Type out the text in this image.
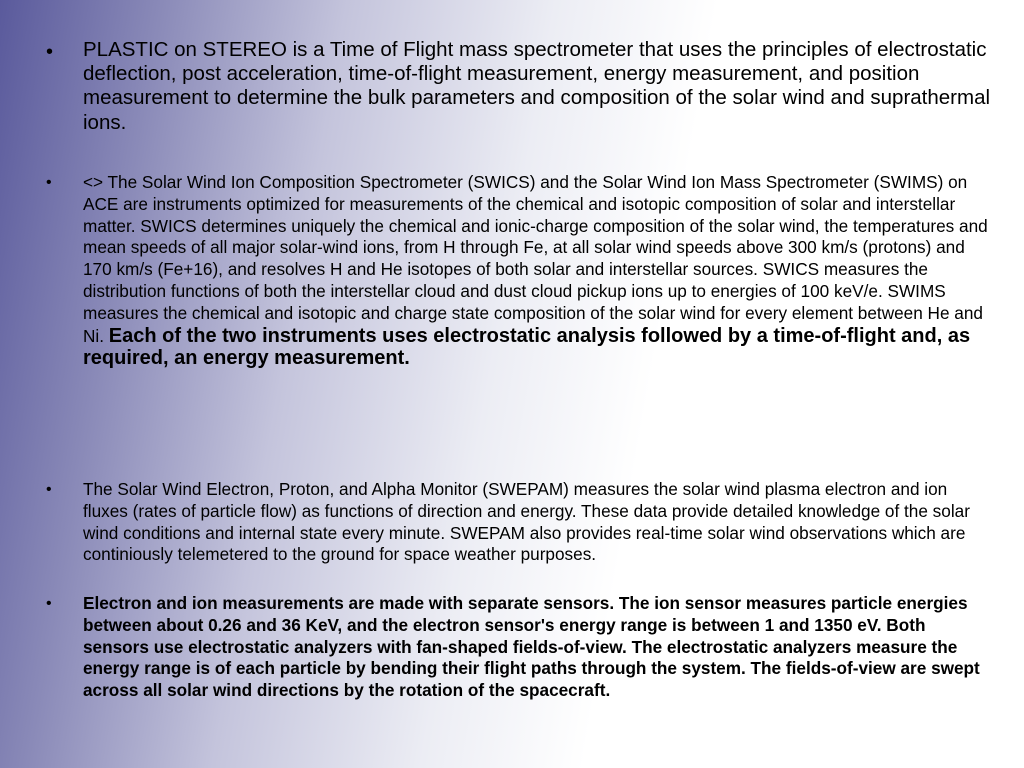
• PLASTIC on STEREO is a Time of Flight mass spectrometer that uses the principles of electrostatic deflection, post acceleration, time-of-flight measurement, energy measurement, and position measurement to determine the bulk parameters and composition of the solar wind and suprathermal ions.
• <> The Solar Wind Ion Composition Spectrometer (SWICS) and the Solar Wind Ion Mass Spectrometer (SWIMS) on ACE are instruments optimized for measurements of the chemical and isotopic composition of solar and interstellar matter. SWICS determines uniquely the chemical and ionic-charge composition of the solar wind, the temperatures and mean speeds of all major solar-wind ions, from H through Fe, at all solar wind speeds above 300 km/s (protons) and 170 km/s (Fe+16), and resolves H and He isotopes of both solar and interstellar sources. SWICS measures the distribution functions of both the interstellar cloud and dust cloud pickup ions up to energies of 100 keV/e. SWIMS measures the chemical and isotopic and charge state composition of the solar wind for every element between He and Ni. Each of the two instruments uses electrostatic analysis followed by a time-of-flight and, as required, an energy measurement.
• The Solar Wind Electron, Proton, and Alpha Monitor (SWEPAM) measures the solar wind plasma electron and ion fluxes (rates of particle flow) as functions of direction and energy. These data provide detailed knowledge of the solar wind conditions and internal state every minute. SWEPAM also provides real-time solar wind observations which are continiously telemetered to the ground for space weather purposes.
• Electron and ion measurements are made with separate sensors. The ion sensor measures particle energies between about 0.26 and 36 KeV, and the electron sensor's energy range is between 1 and 1350 eV. Both sensors use electrostatic analyzers with fan-shaped fields-of-view. The electrostatic analyzers measure the energy range is of each particle by bending their flight paths through the system. The fields-of-view are swept across all solar wind directions by the rotation of the spacecraft.
